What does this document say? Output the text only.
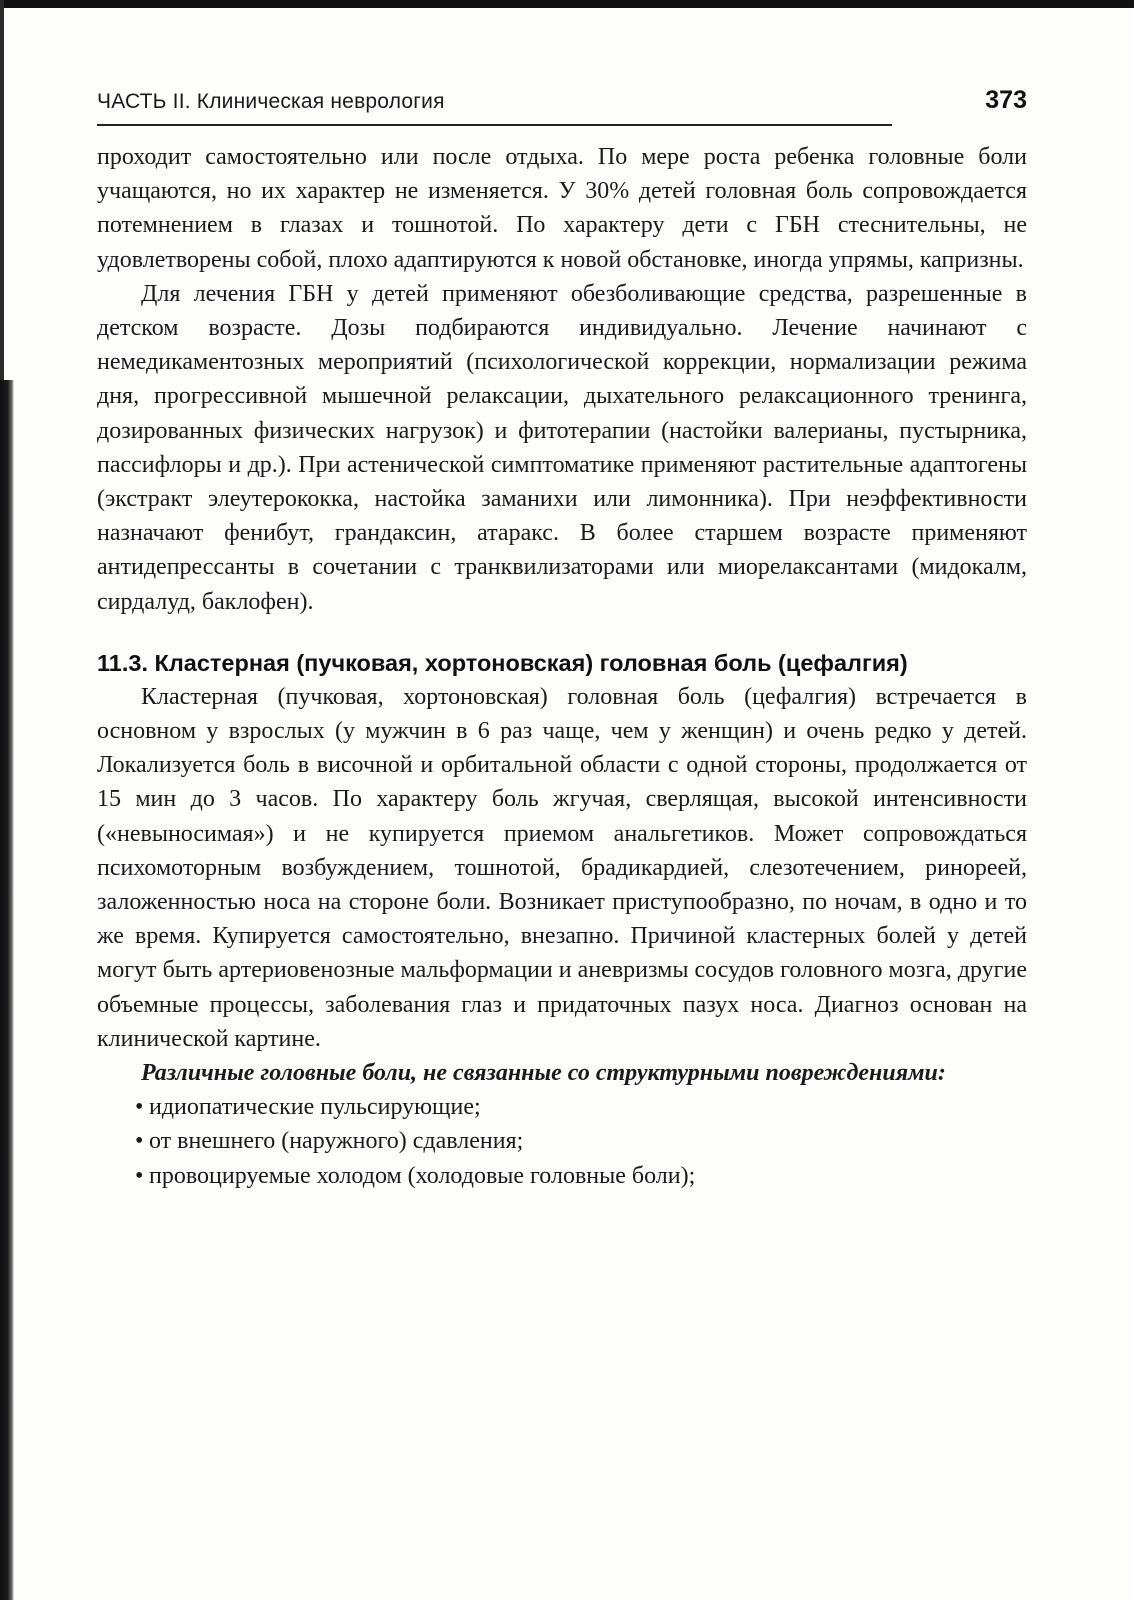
ЧАСТЬ II. Клиническая неврология	373

проходит самостоятельно или после отдыха. По мере роста ребенка головные боли учащаются, но их характер не изменяется. У 30% детей головная боль сопровождается потемнением в глазах и тошнотой. По характеру дети с ГБН стеснительны, не удовлетворены собой, плохо адаптируются к новой обстановке, иногда упрямы, капризны.

Для лечения ГБН у детей применяют обезболивающие средства, разрешенные в детском возрасте. Дозы подбираются индивидуально. Лечение начинают с немедикаментозных мероприятий (психологической коррекции, нормализации режима дня, прогрессивной мышечной релаксации, дыхательного релаксационного тренинга, дозированных физических нагрузок) и фитотерапии (настойки валерианы, пустырника, пассифлоры и др.). При астенической симптоматике применяют растительные адаптогены (экстракт элеутерококка, настойка заманихи или лимонника). При неэффективности назначают фенибут, грандаксин, атаракс. В более старшем возрасте применяют антидепрессанты в сочетании с транквилизаторами или миорелаксантами (мидокалм, сирдалуд, баклофен).

11.3. Кластерная (пучковая, хортоновская) головная боль (цефалгия)

Кластерная (пучковая, хортоновская) головная боль (цефалгия) встречается в основном у взрослых (у мужчин в 6 раз чаще, чем у женщин) и очень редко у детей. Локализуется боль в височной и орбитальной области с одной стороны, продолжается от 15 мин до 3 часов. По характеру боль жгучая, сверлящая, высокой интенсивности («невыносимая») и не купируется приемом анальгетиков. Может сопровождаться психомоторным возбуждением, тошнотой, брадикардией, слезотечением, ринореей, заложенностью носа на стороне боли. Возникает приступообразно, по ночам, в одно и то же время. Купируется самостоятельно, внезапно. Причиной кластерных болей у детей могут быть артериовенозные мальформации и аневризмы сосудов головного мозга, другие объемные процессы, заболевания глаз и придаточных пазух носа. Диагноз основан на клинической картине.

Различные головные боли, не связанные со структурными повреждениями:

• идиопатические пульсирующие;
• от внешнего (наружного) сдавления;
• провоцируемые холодом (холодовые головные боли);
